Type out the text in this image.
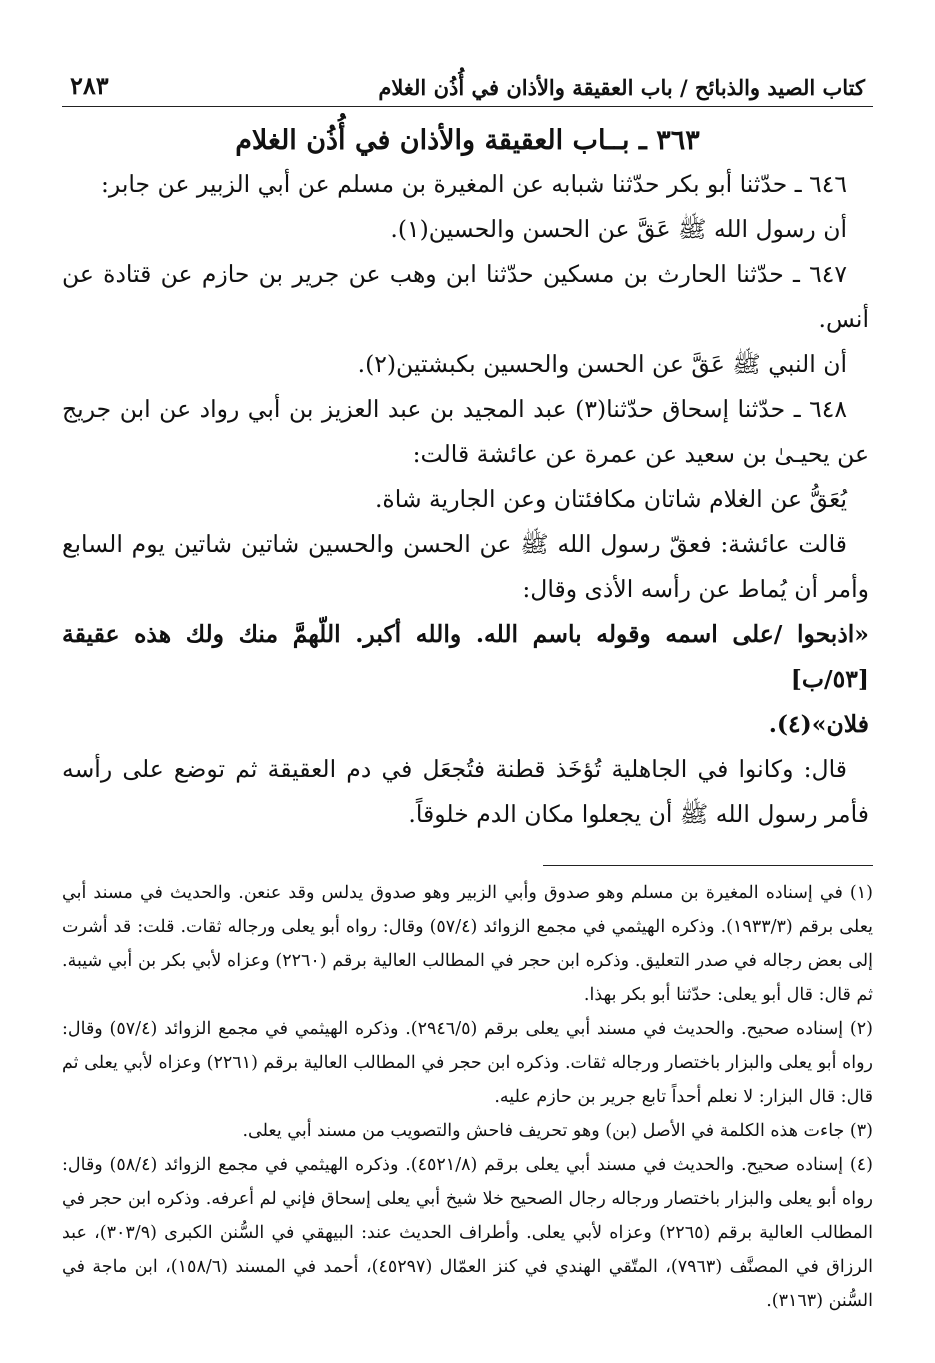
كتاب الصيد والذبائح / باب العقيقة والأذان في أُذُن الغلام
٢٨٣
٣٦٣ ـ بــاب العقيقة والأذان في أُذُن الغلام

٦٤٦ ـ حدّثنا أبو بكر حدّثنا شبابه عن المغيرة بن مسلم عن أبي الزبير عن جابر:

أن رسول الله ﷺ عَقَّ عن الحسن والحسين(١).

٦٤٧ ـ حدّثنا الحارث بن مسكين حدّثنا ابن وهب عن جرير بن حازم عن قتادة عن أنس.

أن النبي ﷺ عَقَّ عن الحسن والحسين بكبشتين(٢).

٦٤٨ ـ حدّثنا إسحاق حدّثنا(٣) عبد المجيد بن عبد العزيز بن أبي رواد عن ابن جريج عن يحيـىٰ بن سعيد عن عمرة عن عائشة قالت:

يُعَقُّ عن الغلام شاتان مكافئتان وعن الجارية شاة.

قالت عائشة: فعقّ رسول الله ﷺ عن الحسن والحسين شاتين شاتين يوم السابع وأمر أن يُماط عن رأسه الأذى وقال:

«اذبحوا /على اسمه وقوله باسم الله. والله أكبر. اللّهمَّ منك ولك هذه عقيقة [٥٣/ب]

فلان»(٤).

قال: وكانوا في الجاهلية تُؤخَذ قطنة فتُجعَل في دم العقيقة ثم توضع على رأسه فأمر رسول الله ﷺ أن يجعلوا مكان الدم خلوقاً.

(١) في إسناده المغيرة بن مسلم وهو صدوق وأبي الزبير وهو صدوق يدلس وقد عنعن. والحديث في مسند أبي يعلى برقم (١٩٣٣/٣). وذكره الهيثمي في مجمع الزوائد (٥٧/٤) وقال: رواه أبو يعلى ورجاله ثقات. قلت: قد أشرت إلى بعض رجاله في صدر التعليق. وذكره ابن حجر في المطالب العالية برقم (٢٢٦٠) وعزاه لأبي بكر بن أبي شيبة. ثم قال: قال أبو يعلى: حدّثنا أبو بكر بهذا.

(٢) إسناده صحيح. والحديث في مسند أبي يعلى برقم (٢٩٤٦/٥). وذكره الهيثمي في مجمع الزوائد (٥٧/٤) وقال: رواه أبو يعلى والبزار باختصار ورجاله ثقات. وذكره ابن حجر في المطالب العالية برقم (٢٢٦١) وعزاه لأبي يعلى ثم قال: قال البزار: لا نعلم أحداً تابع جرير بن حازم عليه.

(٣) جاءت هذه الكلمة في الأصل (بن) وهو تحريف فاحش والتصويب من مسند أبي يعلى.

(٤) إسناده صحيح. والحديث في مسند أبي يعلى برقم (٤٥٢١/٨). وذكره الهيثمي في مجمع الزوائد (٥٨/٤) وقال: رواه أبو يعلى والبزار باختصار ورجاله رجال الصحيح خلا شيخ أبي يعلى إسحاق فإني لم أعرفه. وذكره ابن حجر في المطالب العالية برقم (٢٢٦٥) وعزاه لأبي يعلى. وأطراف الحديث عند: البيهقي في السُّنن الكبرى (٣٠٣/٩)، عبد الرزاق في المصنَّف (٧٩٦٣)، المتّقي الهندي في كنز العمّال (٤٥٢٩٧)، أحمد في المسند (١٥٨/٦)، ابن ماجة في السُّنن (٣١٦٣).
